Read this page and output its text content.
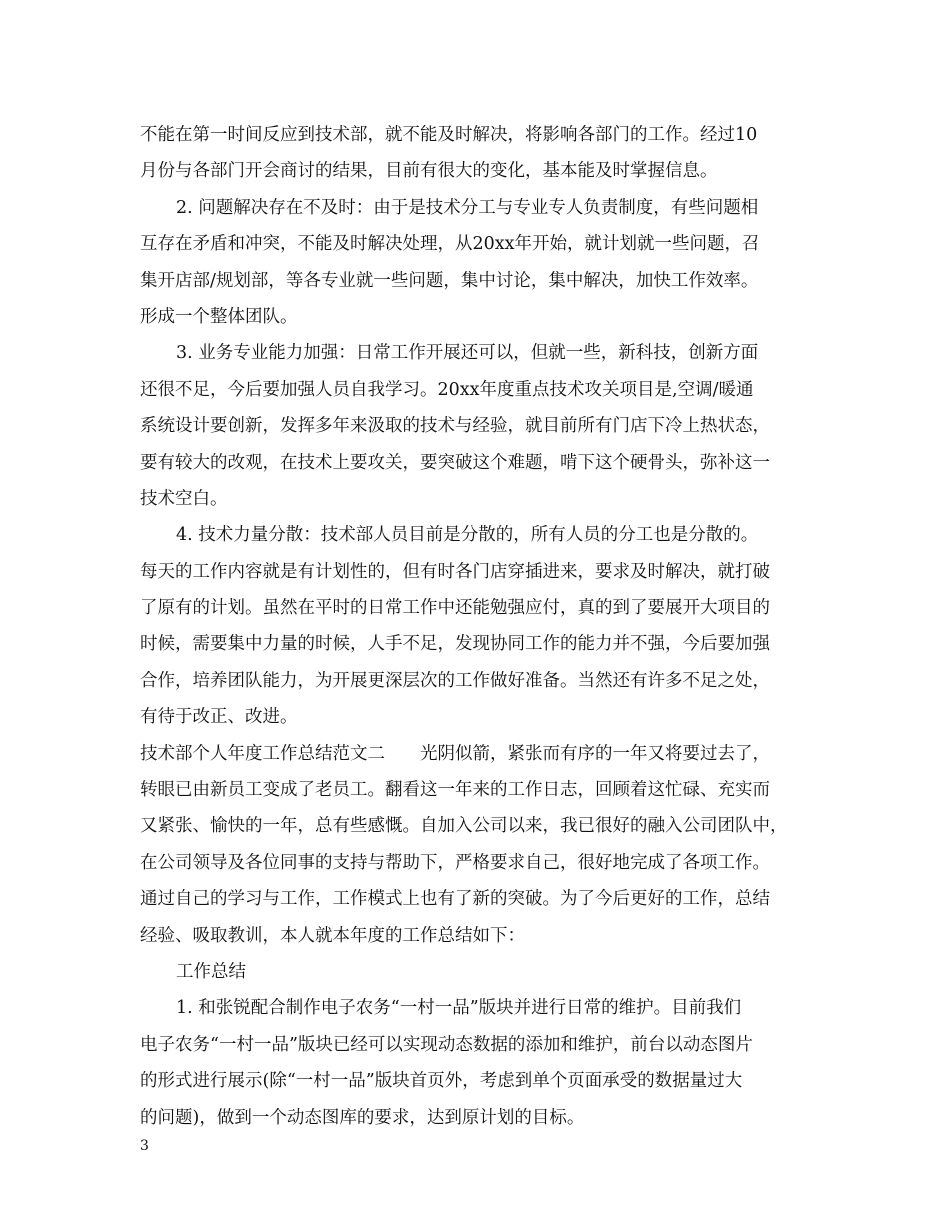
不能在第一时间反应到技术部，就不能及时解决，将影响各部门的工作。经过10
月份与各部门开会商讨的结果，目前有很大的变化，基本能及时掌握信息。
2. 问题解决存在不及时：由于是技术分工与专业专人负责制度，有些问题相
互存在矛盾和冲突，不能及时解决处理，从20xx年开始，就计划就一些问题，召
集开店部/规划部，等各专业就一些问题，集中讨论，集中解决，加快工作效率。
形成一个整体团队。
3. 业务专业能力加强：日常工作开展还可以，但就一些，新科技，创新方面
还很不足，今后要加强人员自我学习。20xx年度重点技术攻关项目是,空调/暖通
系统设计要创新，发挥多年来汲取的技术与经验，就目前所有门店下冷上热状态，
要有较大的改观，在技术上要攻关，要突破这个难题，啃下这个硬骨头，弥补这一
技术空白。
4. 技术力量分散：技术部人员目前是分散的，所有人员的分工也是分散的。
每天的工作内容就是有计划性的，但有时各门店穿插进来，要求及时解决，就打破
了原有的计划。虽然在平时的日常工作中还能勉强应付，真的到了要展开大项目的
时候，需要集中力量的时候，人手不足，发现协同工作的能力并不强，今后要加强
合作，培养团队能力，为开展更深层次的工作做好准备。当然还有许多不足之处，
有待于改正、改进。
技术部个人年度工作总结范文二　　光阴似箭，紧张而有序的一年又将要过去了，
转眼已由新员工变成了老员工。翻看这一年来的工作日志，回顾着这忙碌、充实而
又紧张、愉快的一年，总有些感慨。自加入公司以来，我已很好的融入公司团队中，
在公司领导及各位同事的支持与帮助下，严格要求自己，很好地完成了各项工作。
通过自己的学习与工作，工作模式上也有了新的突破。为了今后更好的工作，总结
经验、吸取教训，本人就本年度的工作总结如下：
工作总结
1. 和张锐配合制作电子农务“一村一品”版块并进行日常的维护。目前我们
电子农务“一村一品”版块已经可以实现动态数据的添加和维护，前台以动态图片
的形式进行展示(除“一村一品”版块首页外，考虑到单个页面承受的数据量过大
的问题)，做到一个动态图库的要求，达到原计划的目标。
3
